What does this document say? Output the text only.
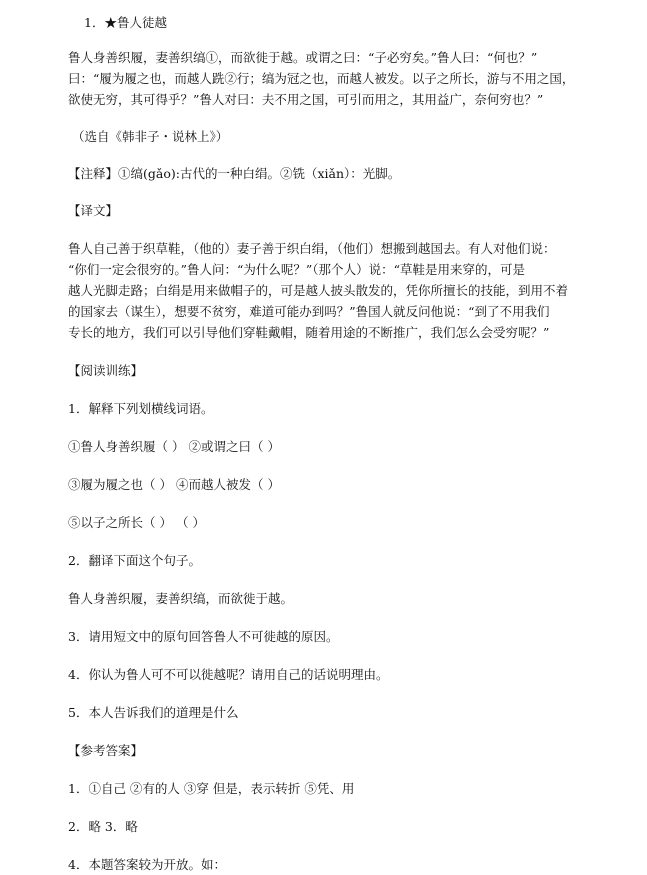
1．★鲁人徒越

鲁人身善织履，妻善织缟①，而欲徙于越。或谓之曰：“子必穷矣。”鲁人曰：“何也？”

曰：“履为履之也，而越人跣②行；缟为冠之也，而越人被发。以子之所长，游与不用之国，

欲使无穷，其可得乎？”鲁人对曰：夫不用之国，可引而用之，其用益广，奈何穷也？”

（选自《韩非子・说林上》）

【注释】①缟(gǎo):古代的一种白绢。②铣（xiǎn）：光脚。

【译文】

鲁人自己善于织草鞋，（他的）妻子善于织白绢，（他们）想搬到越国去。有人对他们说：

“你们一定会很穷的。”鲁人问：“为什么呢？”（那个人）说：“草鞋是用来穿的，可是

越人光脚走路；白绢是用来做帽子的，可是越人披头散发的，凭你所擅长的技能，到用不着

的国家去（谋生），想要不贫穷，难道可能办到吗？”鲁国人就反问他说：“到了不用我们

专长的地方，我们可以引导他们穿鞋戴帽，随着用途的不断推广，我们怎么会受穷呢？”

【阅读训练】

1．解释下列划横线词语。

①鲁人身善织履（ ） ②或谓之曰（ ）

③履为履之也（ ） ④而越人被发（ ）

⑤以子之所长（ ） （ ）

2．翻译下面这个句子。

鲁人身善织履，妻善织缟，而欲徙于越。

3．请用短文中的原句回答鲁人不可徙越的原因。

4．你认为鲁人可不可以徙越呢？请用自己的话说明理由。

5．本人告诉我们的道理是什么

【参考答案】

1．①自己 ②有的人 ③穿 但是，表示转折 ⑤凭、用

2．略 3．略

4．本题答案较为开放。如：
